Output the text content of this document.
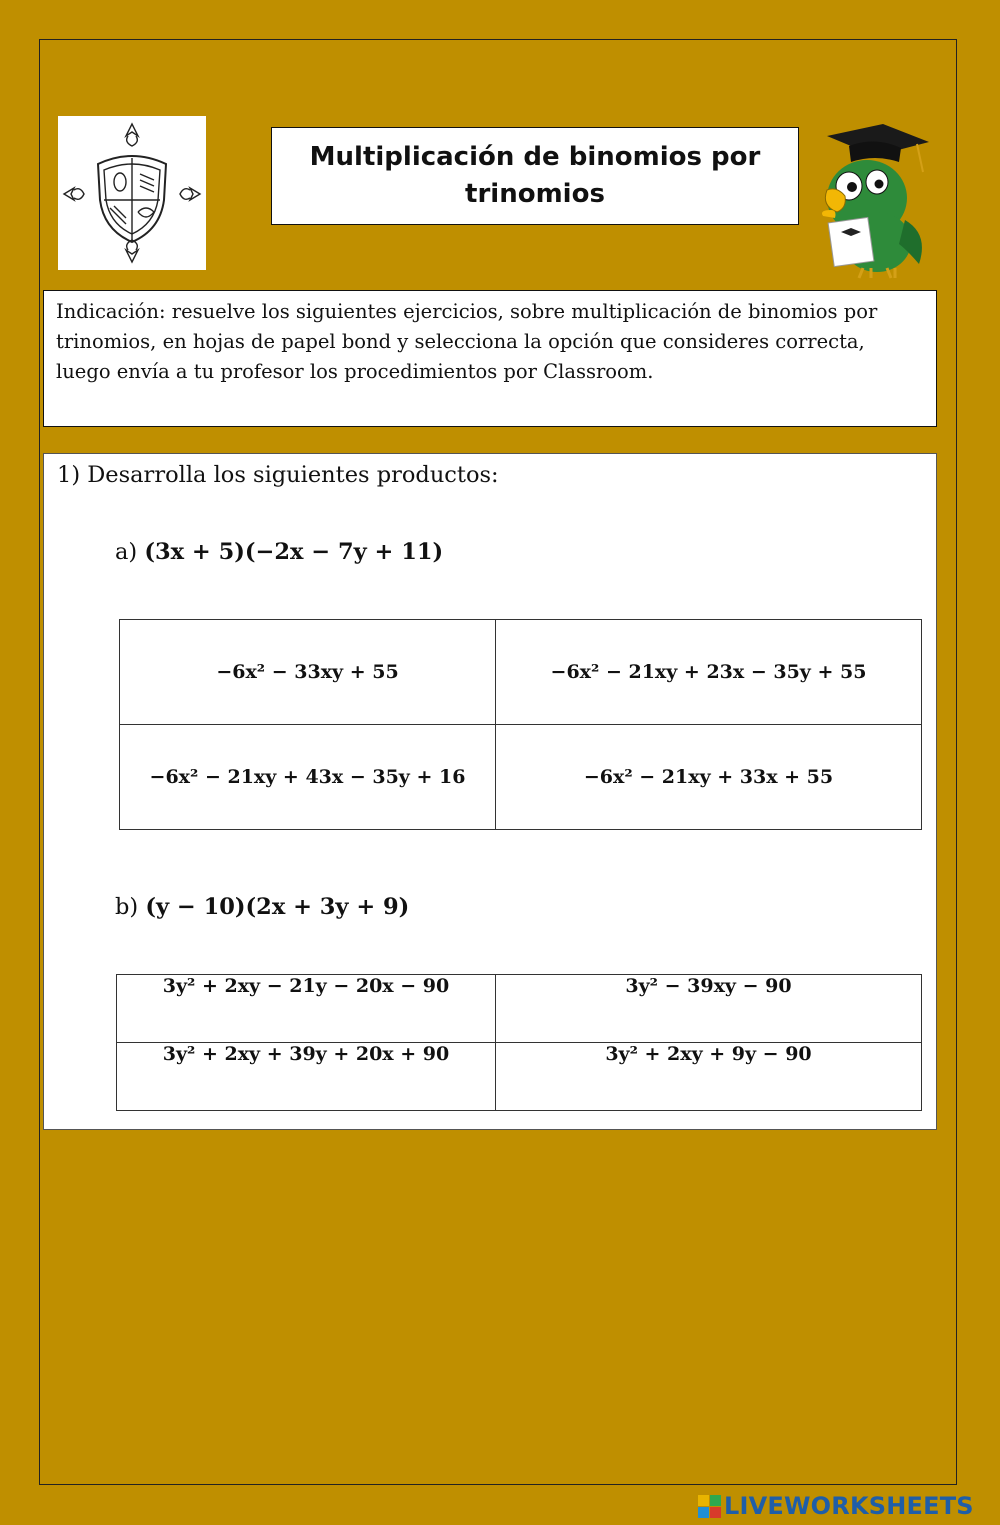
Multiplicación de binomios por trinomios
Indicación: resuelve los siguientes ejercicios, sobre multiplicación de binomios por trinomios, en hojas de papel bond y selecciona la opción que consideres correcta, luego envía a tu profesor los procedimientos por Classroom.
1) Desarrolla los siguientes productos:
a) (3x + 5)(−2x − 7y + 11)
−6x² − 33xy + 55	−6x² − 21xy + 23x − 35y + 55
−6x² − 21xy + 43x − 35y + 16	−6x² − 21xy + 33x + 55
b) (y − 10)(2x + 3y + 9)
3y² + 2xy − 21y − 20x − 90	3y² − 39xy − 90
3y² + 2xy + 39y + 20x + 90	3y² + 2xy + 9y − 90
LIVEWORKSHEETS
